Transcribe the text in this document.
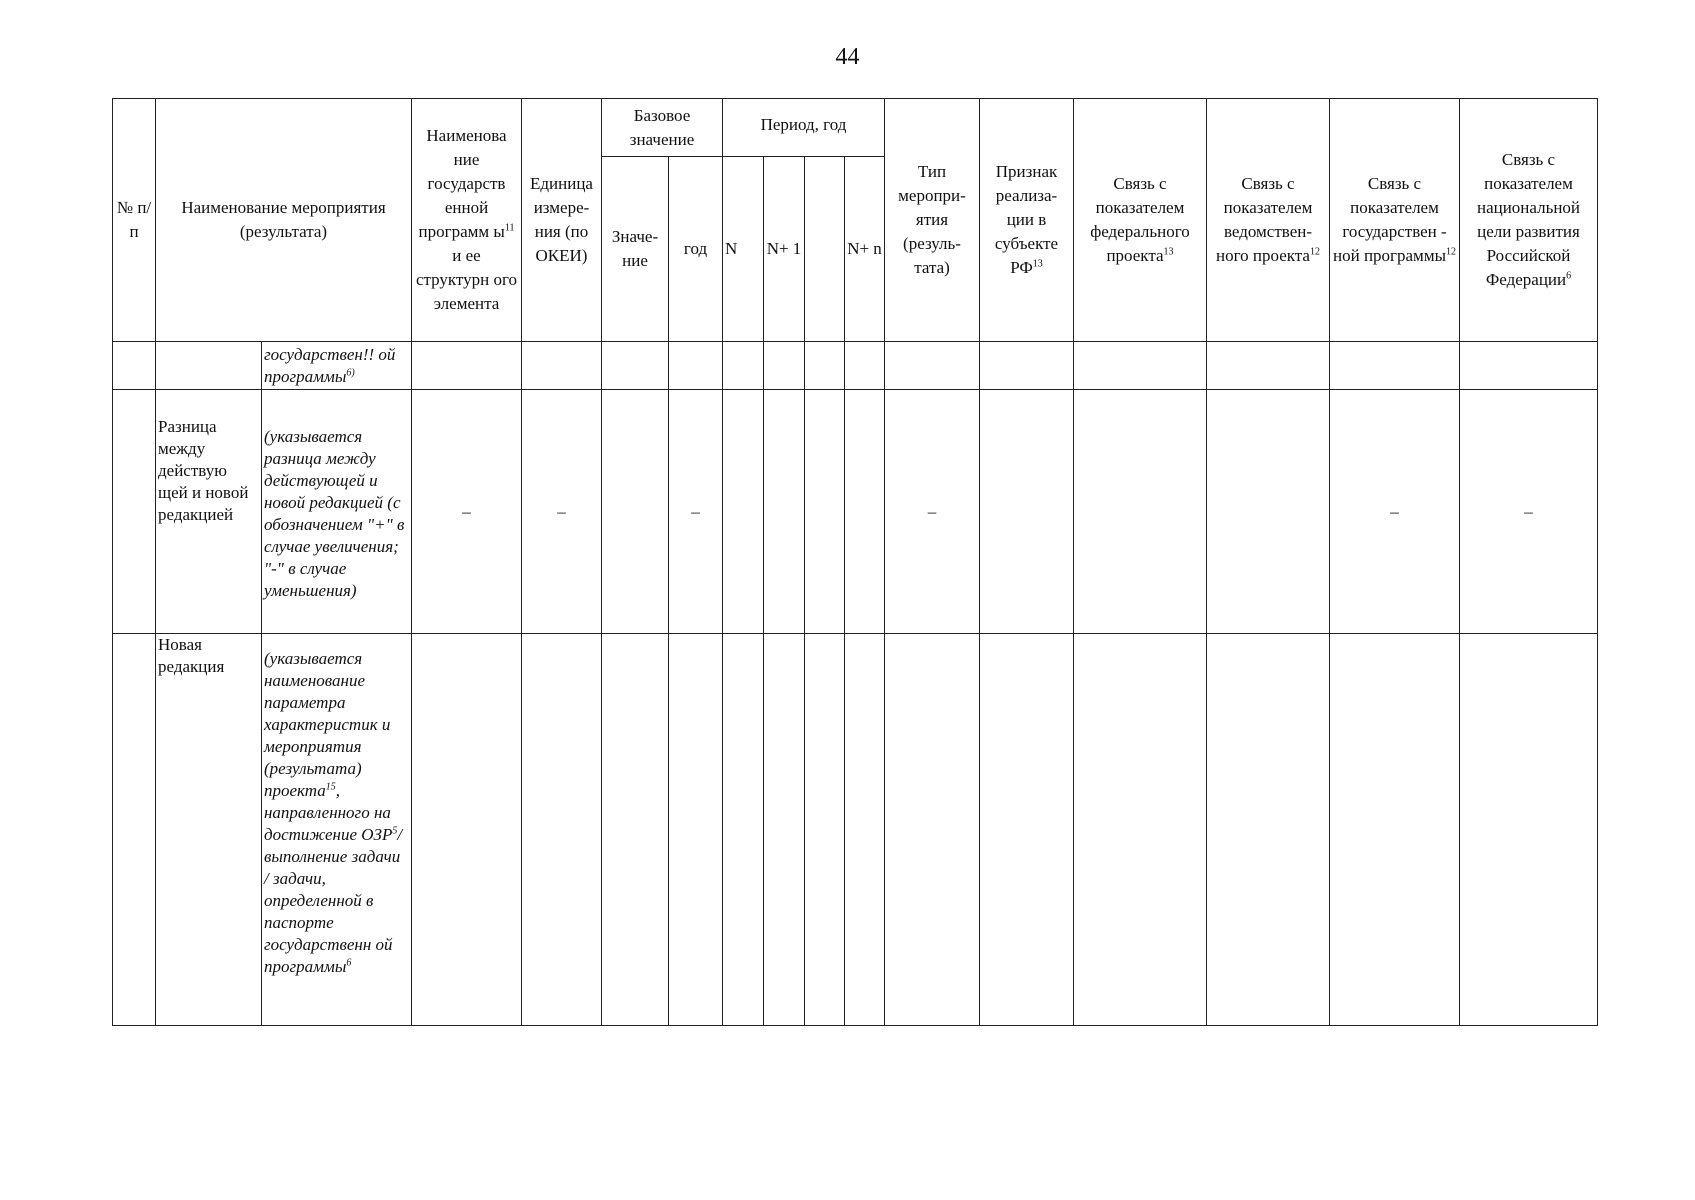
44
№ п/п	Наименование мероприятия (результата)		Наименова ние государств енной программ $ы^{11}$ и ее структурн ого элемента	Единица измере- ния (по ОКЕИ)	Базовое значение		Период, год				Тип меропри- ятия (резуль- тата)	Признак реализа- ции в субъекте РФ$^{13}$	Связь с показателем федерального проекта$^{13}$	Связь с показателем ведомствен- ного проекта$^{12}$	Связь с показателем государствен - ной программы$^{12}$	Связь с показателем национальной цели развития Российской Федерации$^6$
					Значе- ние	год	N	N+ 1		N+ n						
		государствен!! ой программы$^{6)}$														
	Разница между действую щей и новой редакцией	(указывается разница между действующей и новой редакцией (с обозначением "+" в случае увеличения; "-" в случае уменьшения)	–	–		–					–				–	–
	Новая редакция	(указывается наименование параметра характеристик и мероприятия (результата) проекта$^{15}$, направленного на достижение ОЗР$^5$/ выполнение задачи / задачи, определенной в паспорте государственн ой программы$^6$														
